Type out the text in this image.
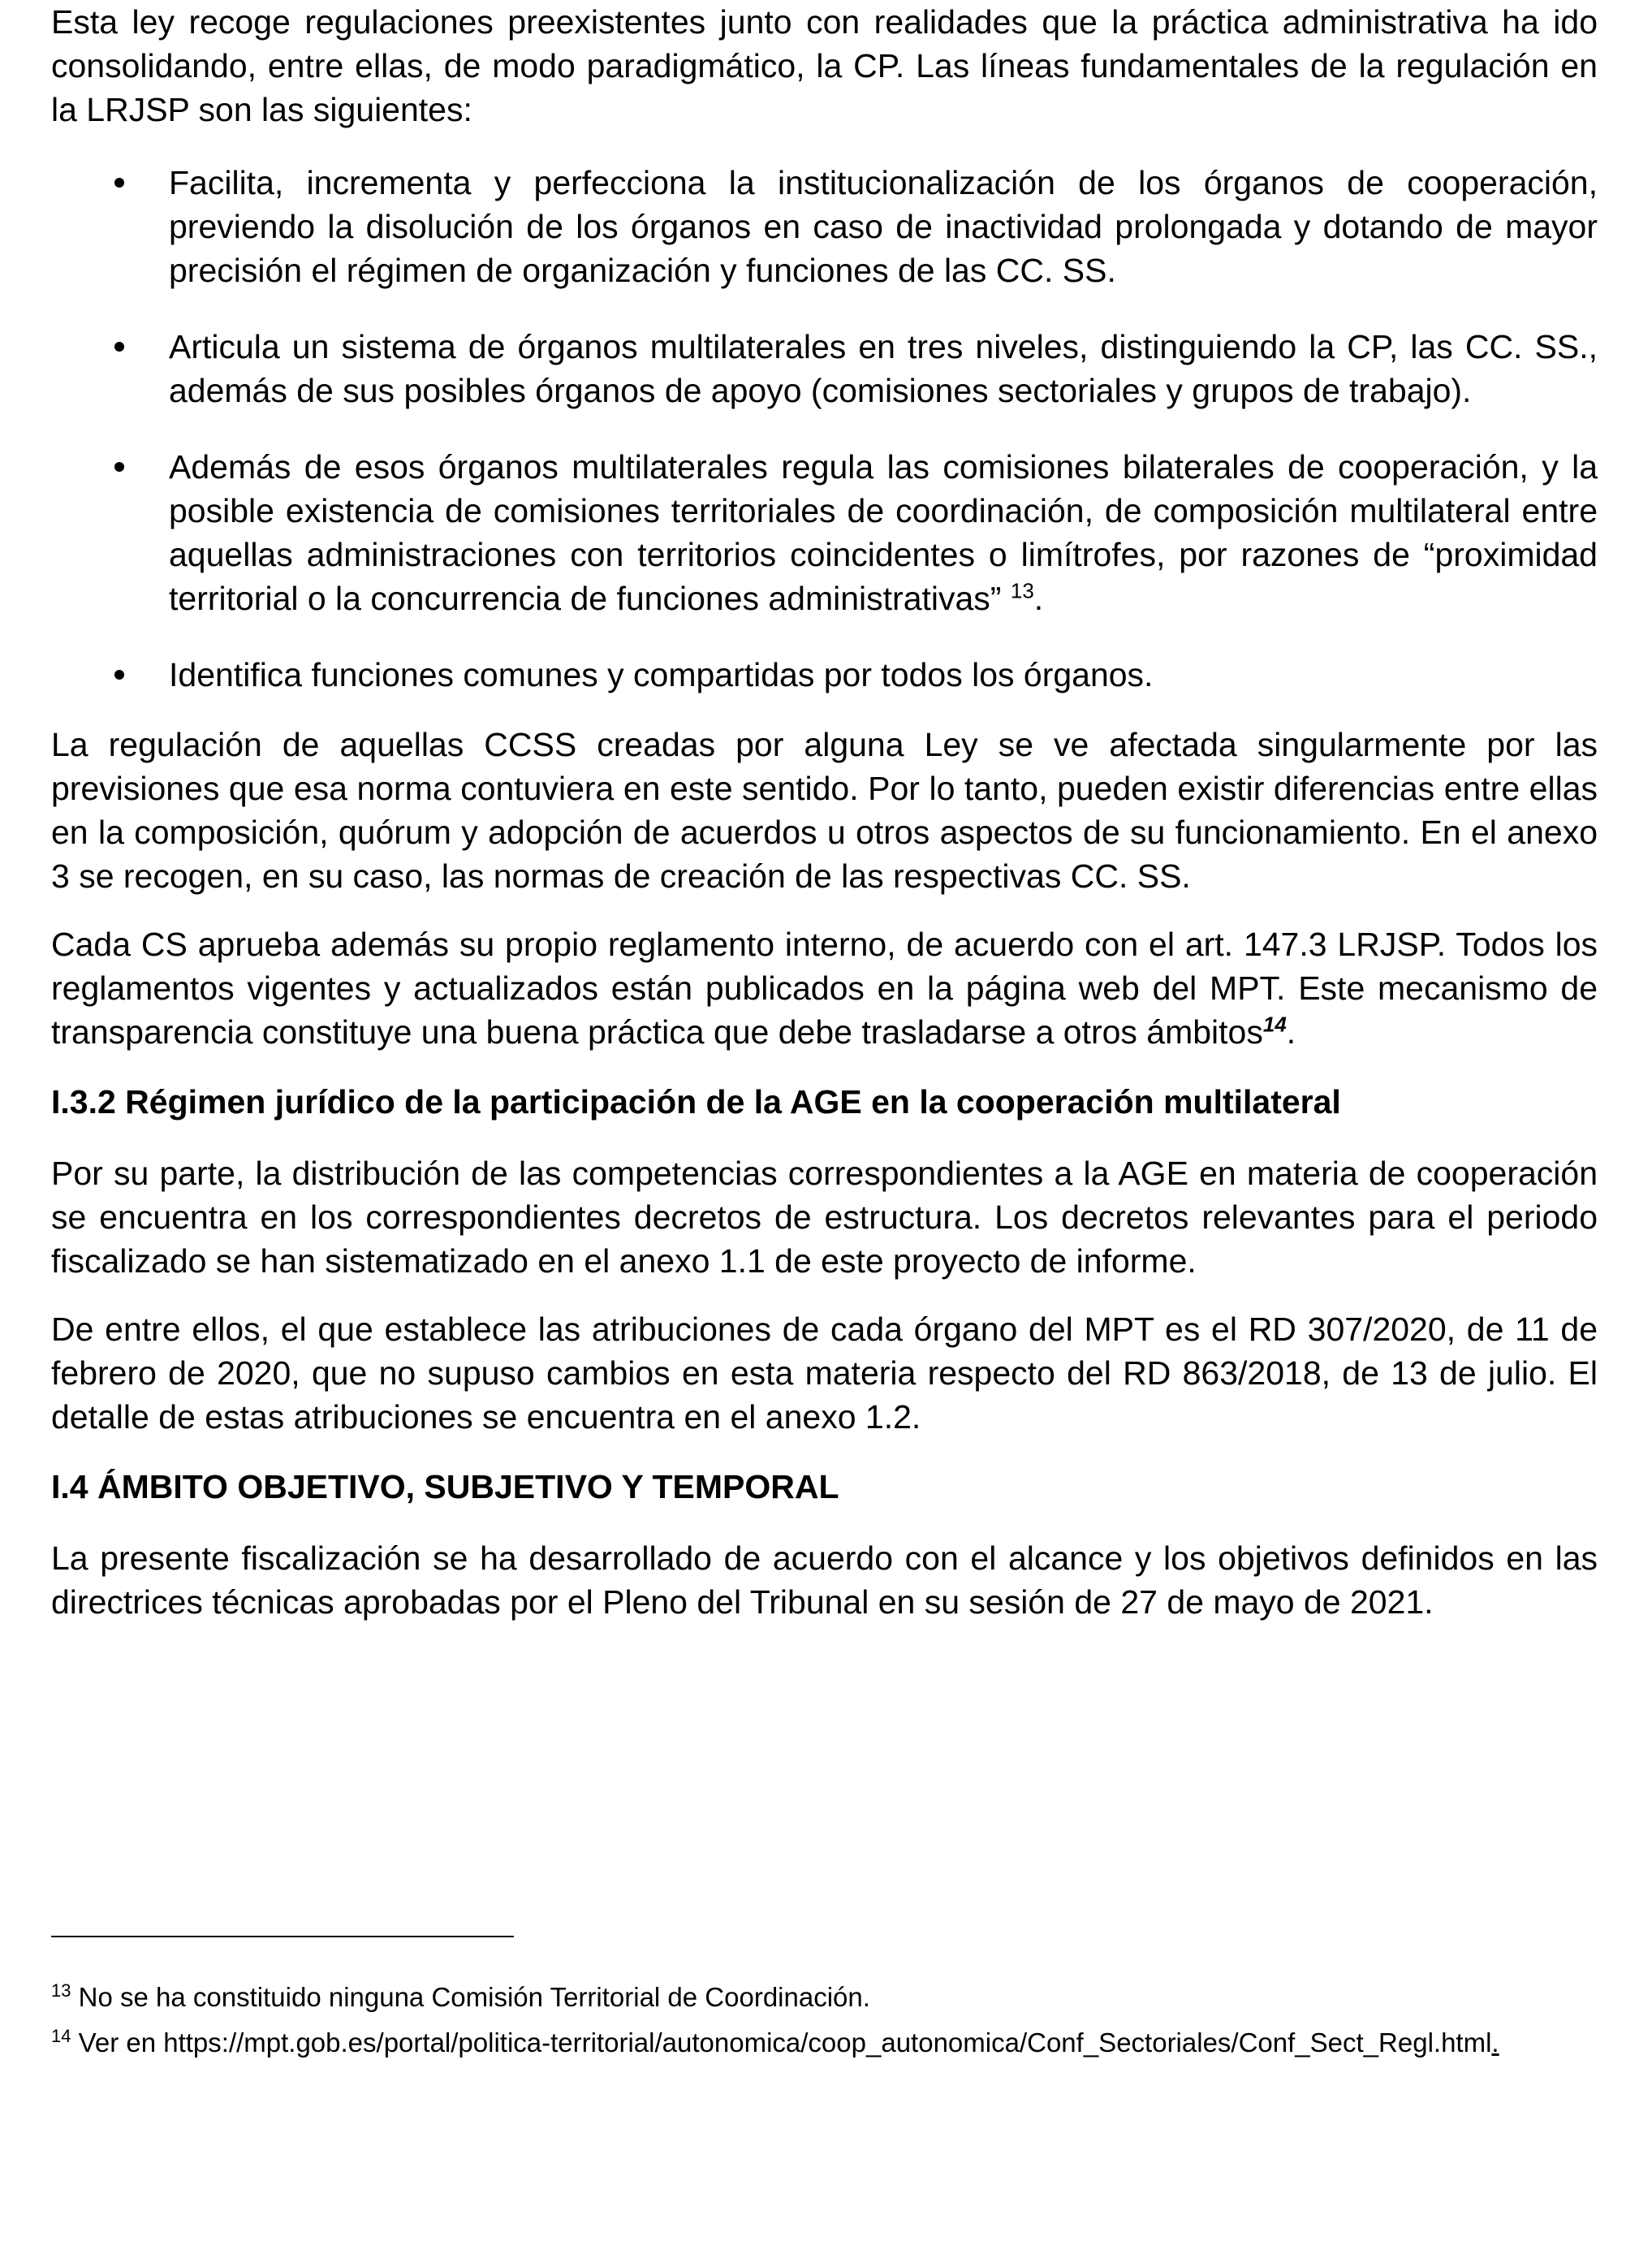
Esta ley recoge regulaciones preexistentes junto con realidades que la práctica administrativa ha ido consolidando, entre ellas, de modo paradigmático, la CP. Las líneas fundamentales de la regulación en la LRJSP son las siguientes:

Facilita, incrementa y perfecciona la institucionalización de los órganos de cooperación, previendo la disolución de los órganos en caso de inactividad prolongada y dotando de mayor precisión el régimen de organización y funciones de las CC. SS.
Articula un sistema de órganos multilaterales en tres niveles, distinguiendo la CP, las CC. SS., además de sus posibles órganos de apoyo (comisiones sectoriales y grupos de trabajo).
Además de esos órganos multilaterales regula las comisiones bilaterales de cooperación, y la posible existencia de comisiones territoriales de coordinación, de composición multilateral entre aquellas administraciones con territorios coincidentes o limítrofes, por razones de “proximidad territorial o la concurrencia de funciones administrativas” $^{13}$.
Identifica funciones comunes y compartidas por todos los órganos.

La regulación de aquellas CCSS creadas por alguna Ley se ve afectada singularmente por las previsiones que esa norma contuviera en este sentido. Por lo tanto, pueden existir diferencias entre ellas en la composición, quórum y adopción de acuerdos u otros aspectos de su funcionamiento. En el anexo 3 se recogen, en su caso, las normas de creación de las respectivas CC. SS.

Cada CS aprueba además su propio reglamento interno, de acuerdo con el art. 147.3 LRJSP. Todos los reglamentos vigentes y actualizados están publicados en la página web del MPT. Este mecanismo de transparencia constituye una buena práctica que debe trasladarse a otros ámbitos$^{14}$.

I.3.2 Régimen jurídico de la participación de la AGE en la cooperación multilateral

Por su parte, la distribución de las competencias correspondientes a la AGE en materia de cooperación se encuentra en los correspondientes decretos de estructura. Los decretos relevantes para el periodo fiscalizado se han sistematizado en el anexo 1.1 de este proyecto de informe.

De entre ellos, el que establece las atribuciones de cada órgano del MPT es el RD 307/2020, de 11 de febrero de 2020, que no supuso cambios en esta materia respecto del RD 863/2018, de 13 de julio. El detalle de estas atribuciones se encuentra en el anexo 1.2.

I.4 ÁMBITO OBJETIVO, SUBJETIVO Y TEMPORAL

La presente fiscalización se ha desarrollado de acuerdo con el alcance y los objetivos definidos en las directrices técnicas aprobadas por el Pleno del Tribunal en su sesión de 27 de mayo de 2021.

$^{13}$ No se ha constituido ninguna Comisión Territorial de Coordinación.

$^{14}$ Ver en https://mpt.gob.es/portal/politica-territorial/autonomica/coop_autonomica/Conf_Sectoriales/Conf_Sect_Regl.html.
